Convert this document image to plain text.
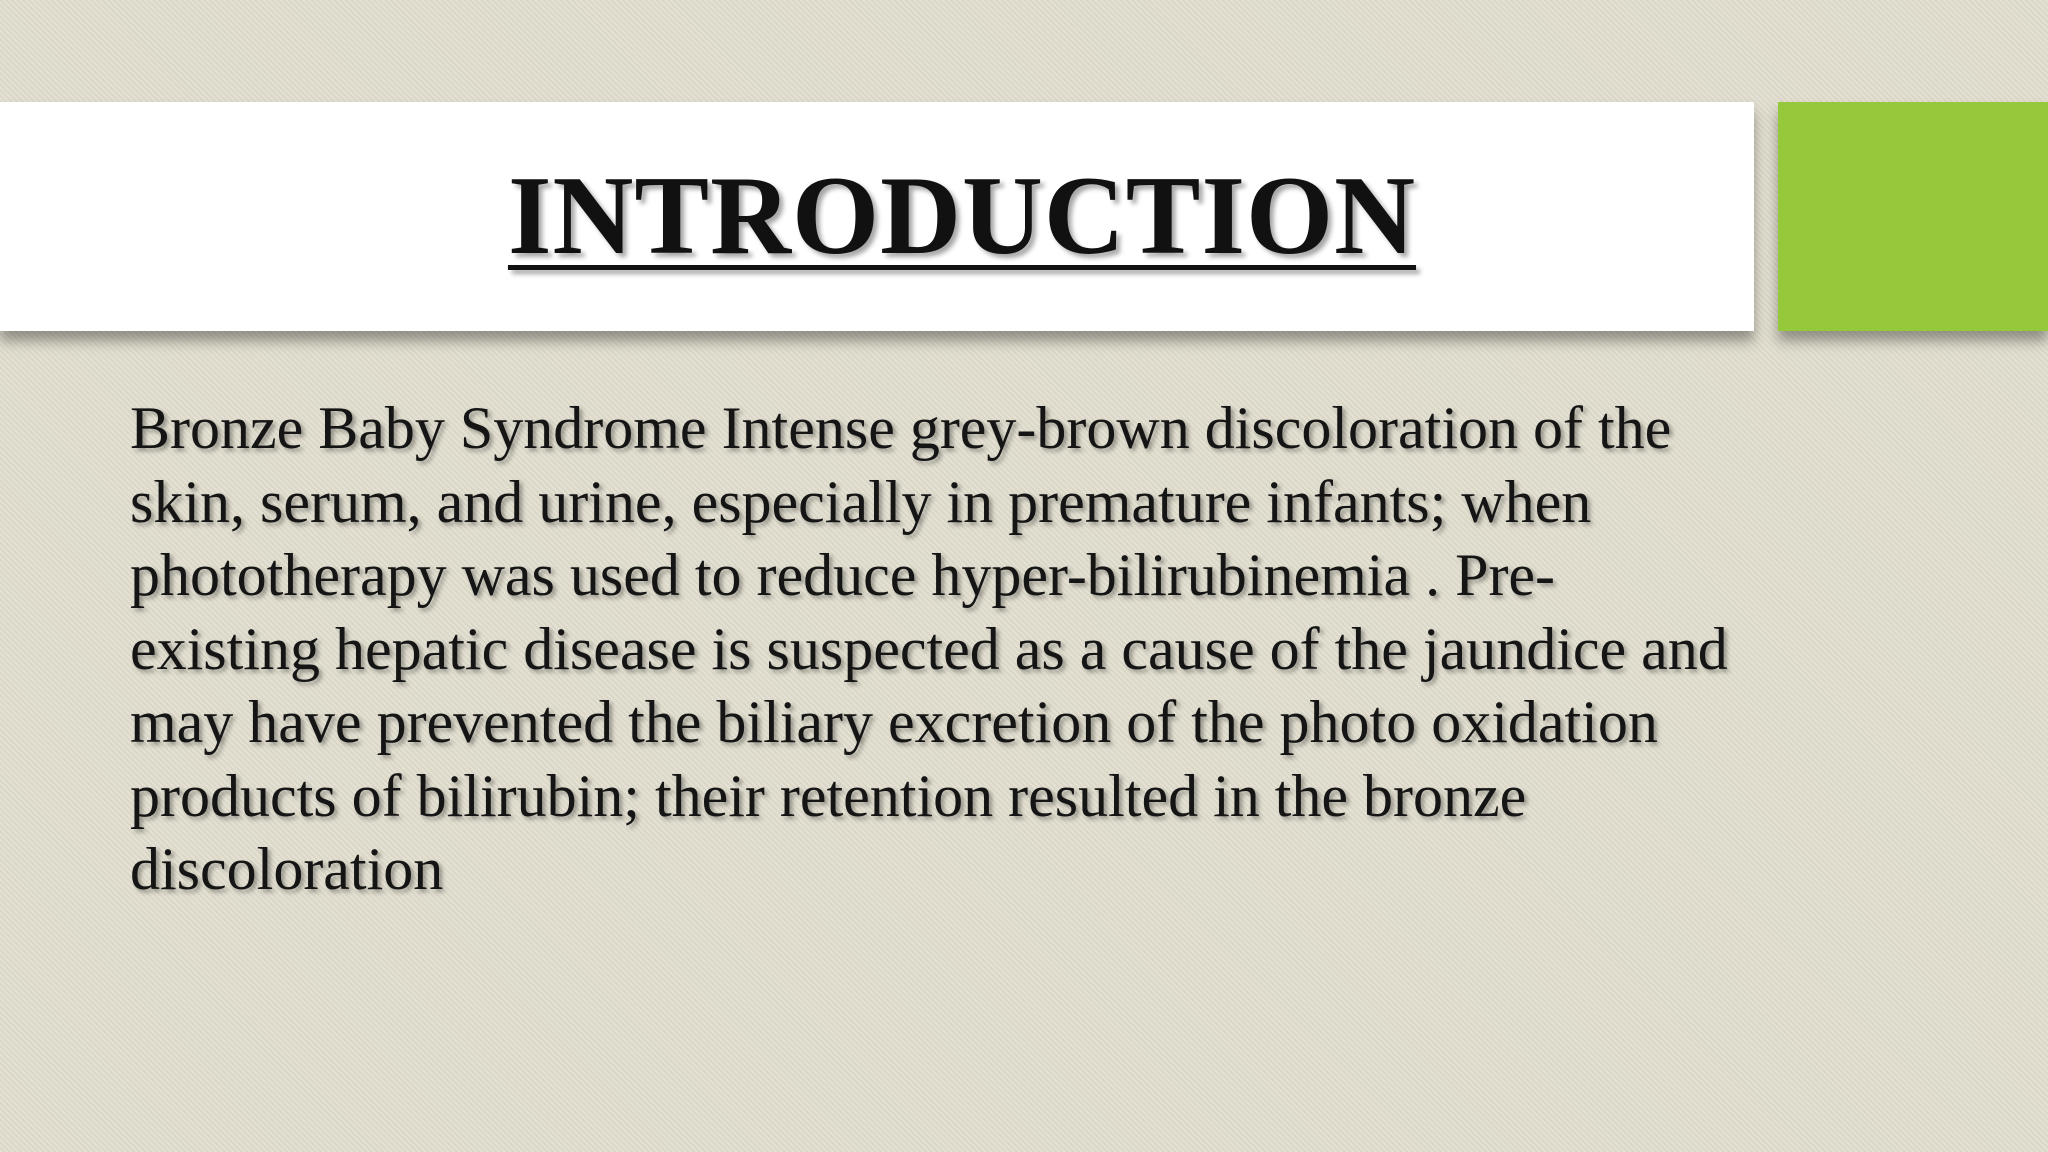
INTRODUCTION

Bronze Baby Syndrome Intense grey-brown discoloration of the skin, serum, and urine, especially in premature infants; when phototherapy was used to reduce hyper-bilirubinemia . Pre-existing hepatic disease is suspected as a cause of the jaundice and may have prevented the biliary excretion of the photo oxidation products of bilirubin; their retention resulted in the bronze discoloration
